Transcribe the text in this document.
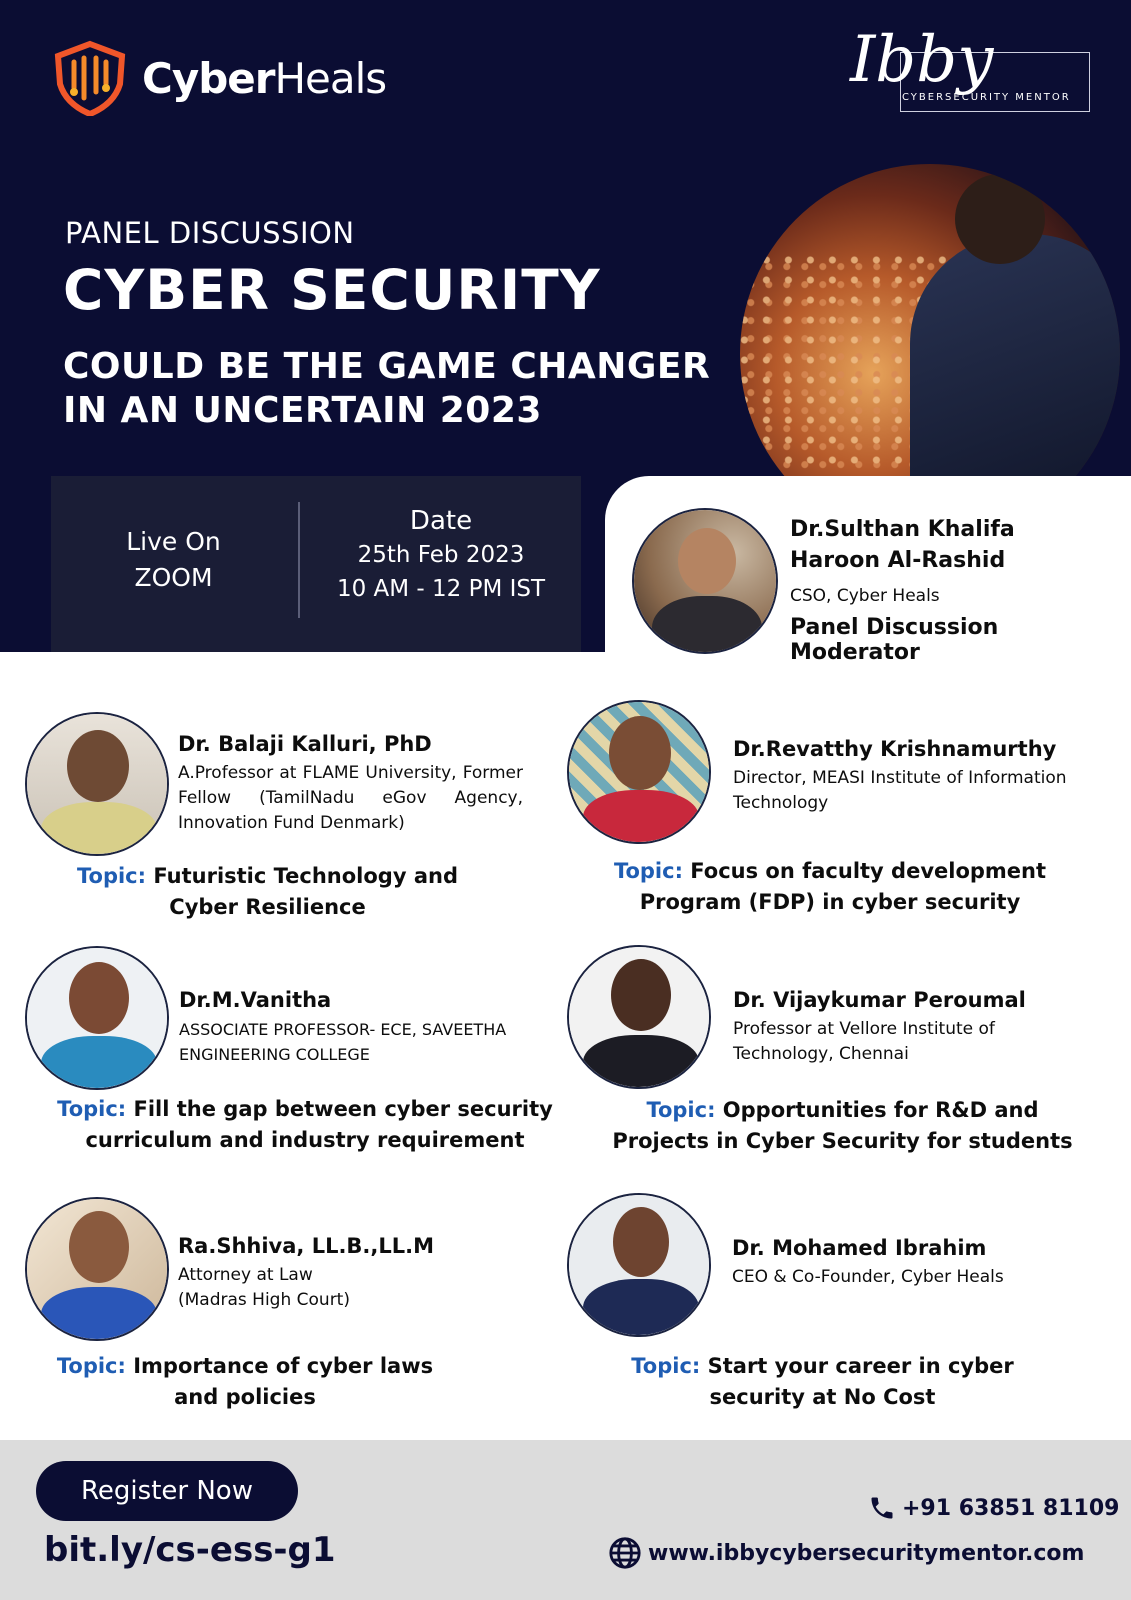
CyberHeals	Ibby
CYBERSECURITY MENTOR
PANEL DISCUSSION
CYBER SECURITY
COULD BE THE GAME CHANGER
IN AN UNCERTAIN 2023
Live On
ZOOM
Date
25th Feb 2023
10 AM - 12 PM IST
Dr.Sulthan Khalifa
Haroon Al-Rashid
CSO, Cyber Heals
Panel Discussion Moderator
Dr. Balaji Kalluri, PhD
A.Professor at FLAME University, Former Fellow (TamilNadu eGov Agency, Innovation Fund Denmark)
Topic: Futuristic Technology and
Cyber Resilience
Dr.Revatthy Krishnamurthy
Director, MEASI Institute of Information Technology
Topic: Focus on faculty development
Program (FDP) in cyber security
Dr.M.Vanitha
ASSOCIATE PROFESSOR- ECE, SAVEETHA ENGINEERING COLLEGE
Topic: Fill the gap between cyber security
curriculum and industry requirement
Dr. Vijaykumar Peroumal
Professor at Vellore Institute of Technology, Chennai
Topic: Opportunities for R&D and
Projects in Cyber Security for students
Ra.Shhiva, LL.B.,LL.M
Attorney at Law
(Madras High Court)
Topic: Importance of cyber laws
and policies
Dr. Mohamed Ibrahim
CEO & Co-Founder, Cyber Heals
Topic: Start your career in cyber
security at No Cost
Register Now
bit.ly/cs-ess-g1
+91 63851 81109
www.ibbycybersecuritymentor.com
